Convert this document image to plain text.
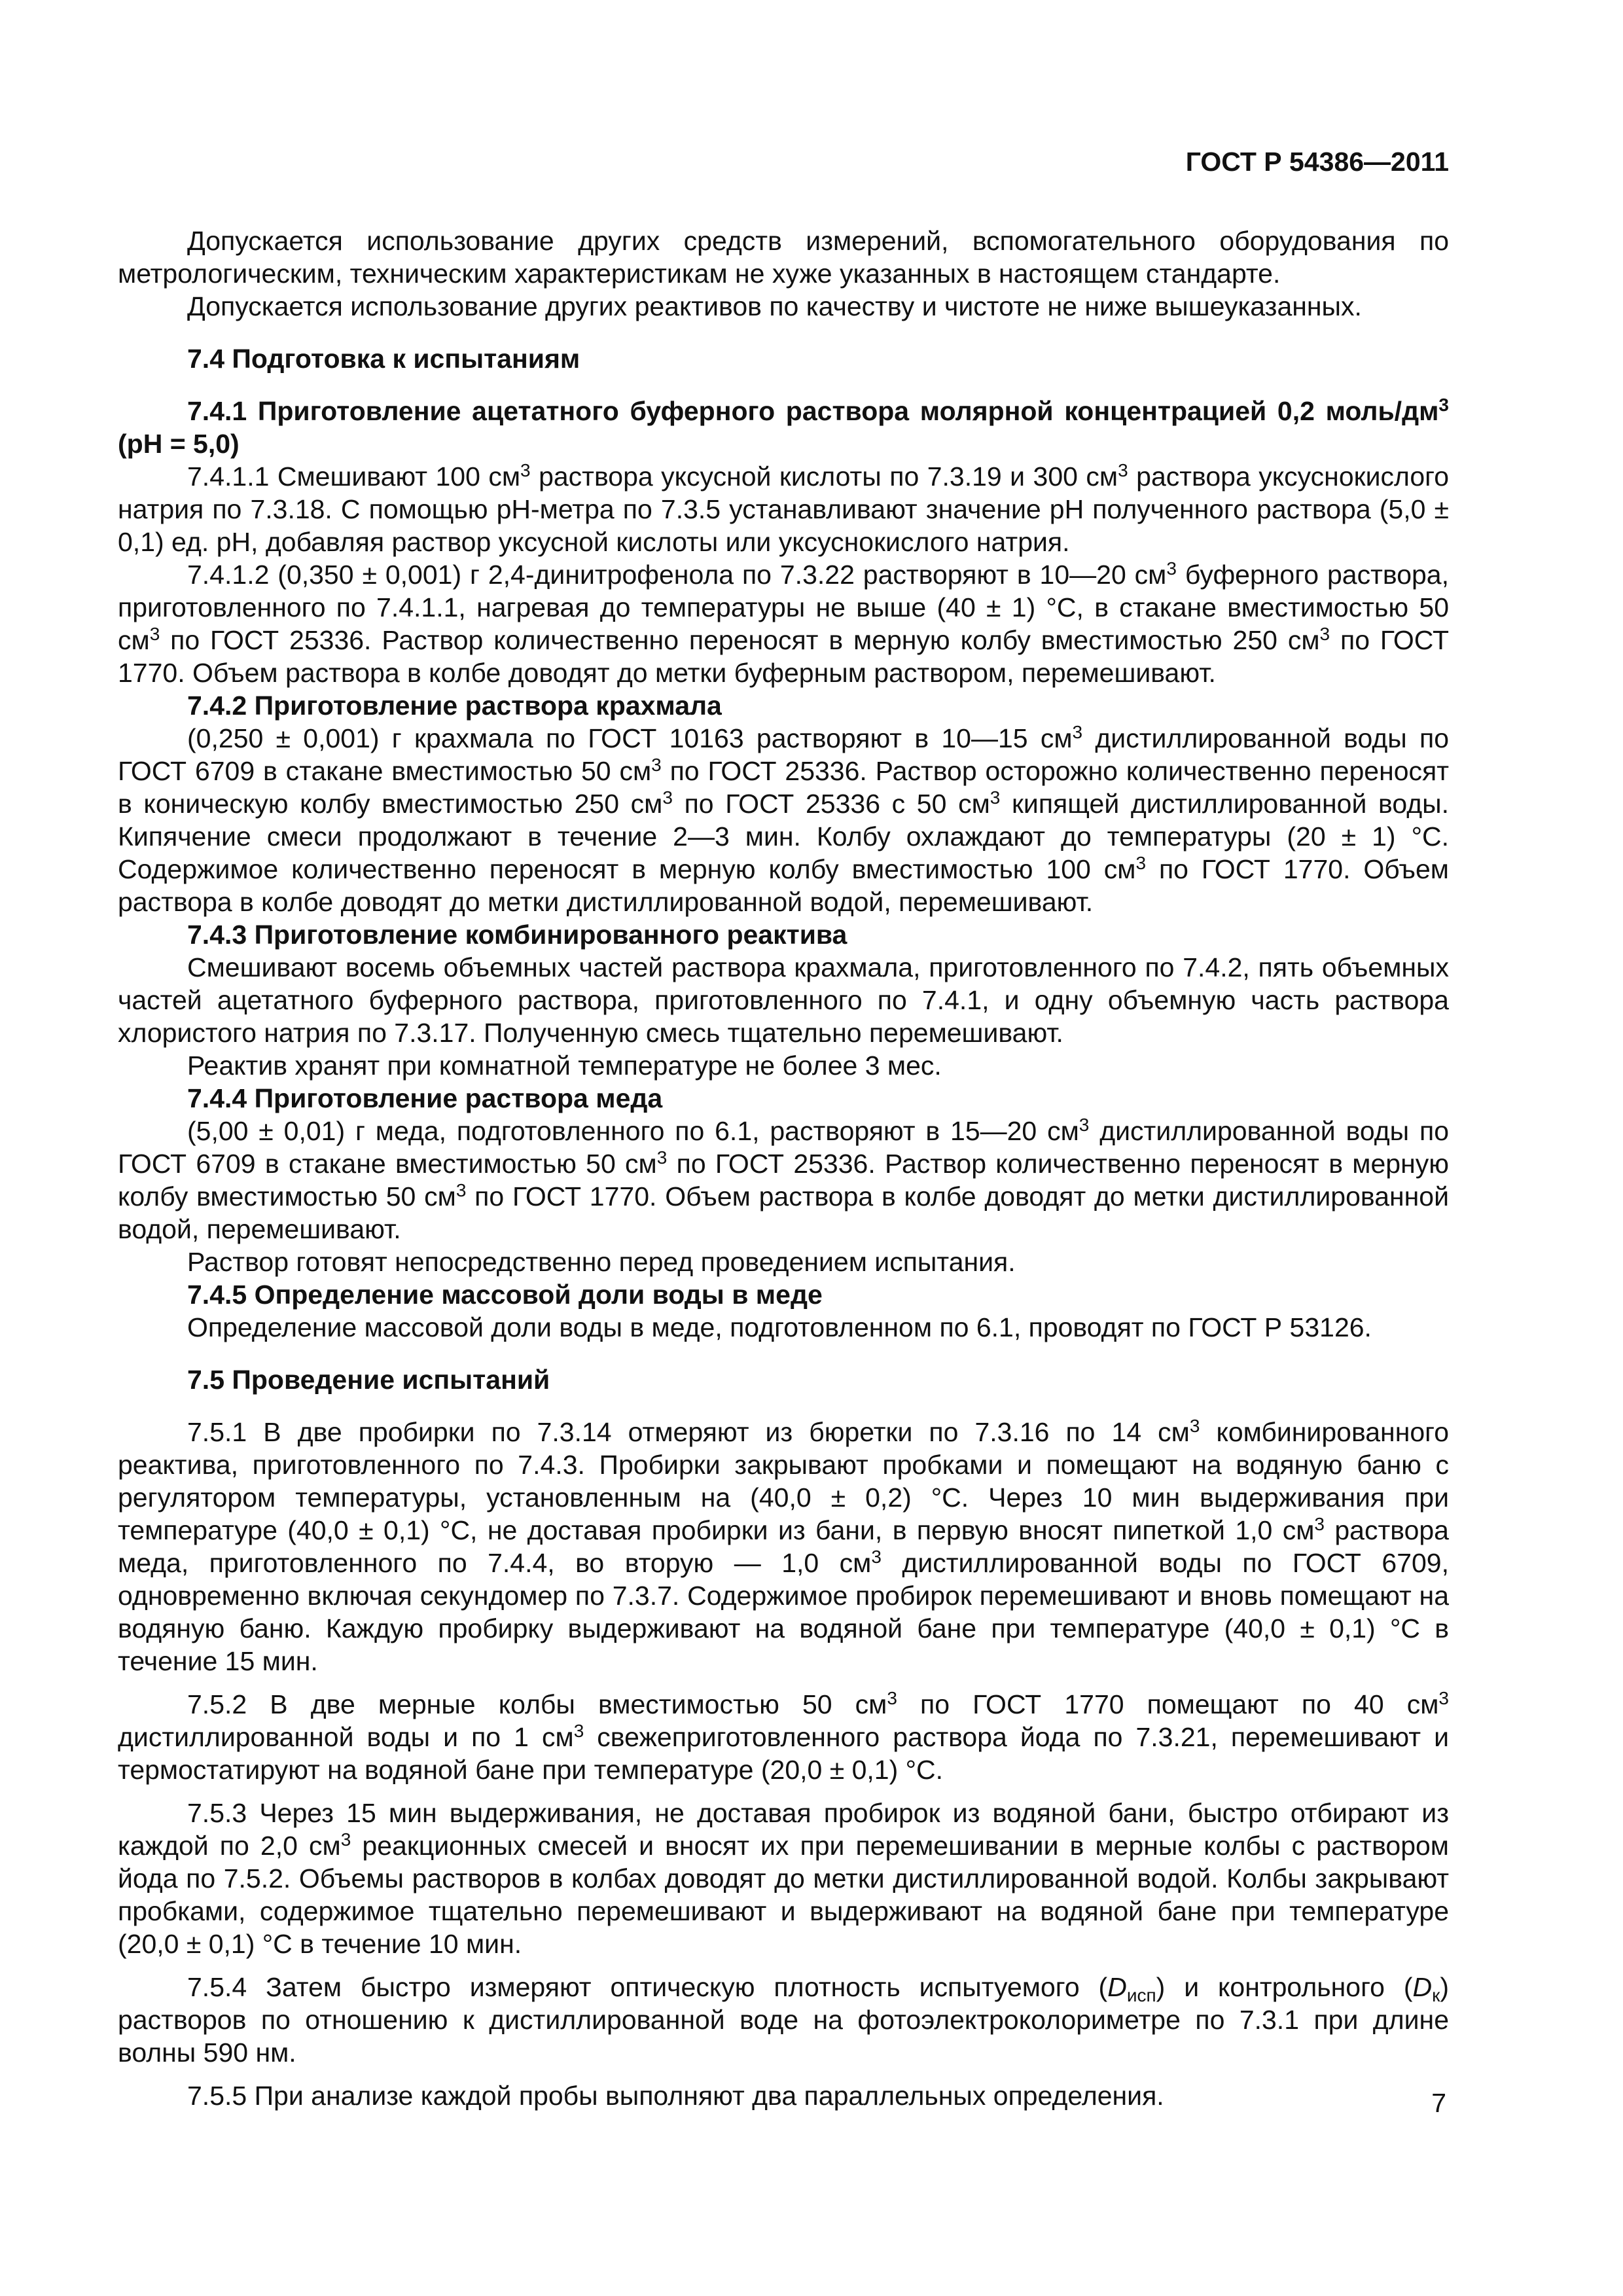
ГОСТ Р 54386—2011

Допускается использование других средств измерений, вспомогательного оборудования по метрологическим, техническим характеристикам не хуже указанных в настоящем стандарте.

Допускается использование других реактивов по качеству и чистоте не ниже вышеуказанных.

7.4 Подготовка к испытаниям

7.4.1 Приготовление ацетатного буферного раствора молярной концентрацией 0,2 моль/$дм^3$ (pH = 5,0)

7.4.1.1 Смешивают 100 $см^3$ раствора уксусной кислоты по 7.3.19 и 300 $см^3$ раствора уксуснокислого натрия по 7.3.18. С помощью pH-метра по 7.3.5 устанавливают значение pH полученного раствора (5,0 ± 0,1) ед. pH, добавляя раствор уксусной кислоты или уксуснокислого натрия.

7.4.1.2 (0,350 ± 0,001) г 2,4-динитрофенола по 7.3.22 растворяют в 10—20 $см^3$ буферного раствора, приготовленного по 7.4.1.1, нагревая до температуры не выше (40 ± 1) °С, в стакане вместимостью 50 $см^3$ по ГОСТ 25336. Раствор количественно переносят в мерную колбу вместимостью 250 $см^3$ по ГОСТ 1770. Объем раствора в колбе доводят до метки буферным раствором, перемешивают.

7.4.2 Приготовление раствора крахмала

(0,250 ± 0,001) г крахмала по ГОСТ 10163 растворяют в 10—15 $см^3$ дистиллированной воды по ГОСТ 6709 в стакане вместимостью 50 $см^3$ по ГОСТ 25336. Раствор осторожно количественно переносят в коническую колбу вместимостью 250 $см^3$ по ГОСТ 25336 с 50 $см^3$ кипящей дистиллированной воды. Кипячение смеси продолжают в течение 2—3 мин. Колбу охлаждают до температуры (20 ± 1) °С. Содержимое количественно переносят в мерную колбу вместимостью 100 $см^3$ по ГОСТ 1770. Объем раствора в колбе доводят до метки дистиллированной водой, перемешивают.

7.4.3 Приготовление комбинированного реактива

Смешивают восемь объемных частей раствора крахмала, приготовленного по 7.4.2, пять объемных частей ацетатного буферного раствора, приготовленного по 7.4.1, и одну объемную часть раствора хлористого натрия по 7.3.17. Полученную смесь тщательно перемешивают.

Реактив хранят при комнатной температуре не более 3 мес.

7.4.4 Приготовление раствора меда

(5,00 ± 0,01) г меда, подготовленного по 6.1, растворяют в 15—20 $см^3$ дистиллированной воды по ГОСТ 6709 в стакане вместимостью 50 $см^3$ по ГОСТ 25336. Раствор количественно переносят в мерную колбу вместимостью 50 $см^3$ по ГОСТ 1770. Объем раствора в колбе доводят до метки дистиллированной водой, перемешивают.

Раствор готовят непосредственно перед проведением испытания.

7.4.5 Определение массовой доли воды в меде

Определение массовой доли воды в меде, подготовленном по 6.1, проводят по ГОСТ Р 53126.

7.5 Проведение испытаний

7.5.1 В две пробирки по 7.3.14 отмеряют из бюретки по 7.3.16 по 14 $см^3$ комбинированного реактива, приготовленного по 7.4.3. Пробирки закрывают пробками и помещают на водяную баню с регулятором температуры, установленным на (40,0 ± 0,2) °С. Через 10 мин выдерживания при температуре (40,0 ± 0,1) °С, не доставая пробирки из бани, в первую вносят пипеткой 1,0 $см^3$ раствора меда, приготовленного по 7.4.4, во вторую — 1,0 $см^3$ дистиллированной воды по ГОСТ 6709, одновременно включая секундомер по 7.3.7. Содержимое пробирок перемешивают и вновь помещают на водяную баню. Каждую пробирку выдерживают на водяной бане при температуре (40,0 ± 0,1) °С в течение 15 мин.

7.5.2 В две мерные колбы вместимостью 50 $см^3$ по ГОСТ 1770 помещают по 40 $см^3$ дистиллированной воды и по 1 $см^3$ свежеприготовленного раствора йода по 7.3.21, перемешивают и термостатируют на водяной бане при температуре (20,0 ± 0,1) °С.

7.5.3 Через 15 мин выдерживания, не доставая пробирок из водяной бани, быстро отбирают из каждой по 2,0 $см^3$ реакционных смесей и вносят их при перемешивании в мерные колбы с раствором йода по 7.5.2. Объемы растворов в колбах доводят до метки дистиллированной водой. Колбы закрывают пробками, содержимое тщательно перемешивают и выдерживают на водяной бане при температуре (20,0 ± 0,1) °С в течение 10 мин.

7.5.4 Затем быстро измеряют оптическую плотность испытуемого $(D_{исп})$ и контрольного $(D_к)$ растворов по отношению к дистиллированной воде на фотоэлектроколориметре по 7.3.1 при длине волны 590 нм.

7.5.5 При анализе каждой пробы выполняют два параллельных определения.	7
